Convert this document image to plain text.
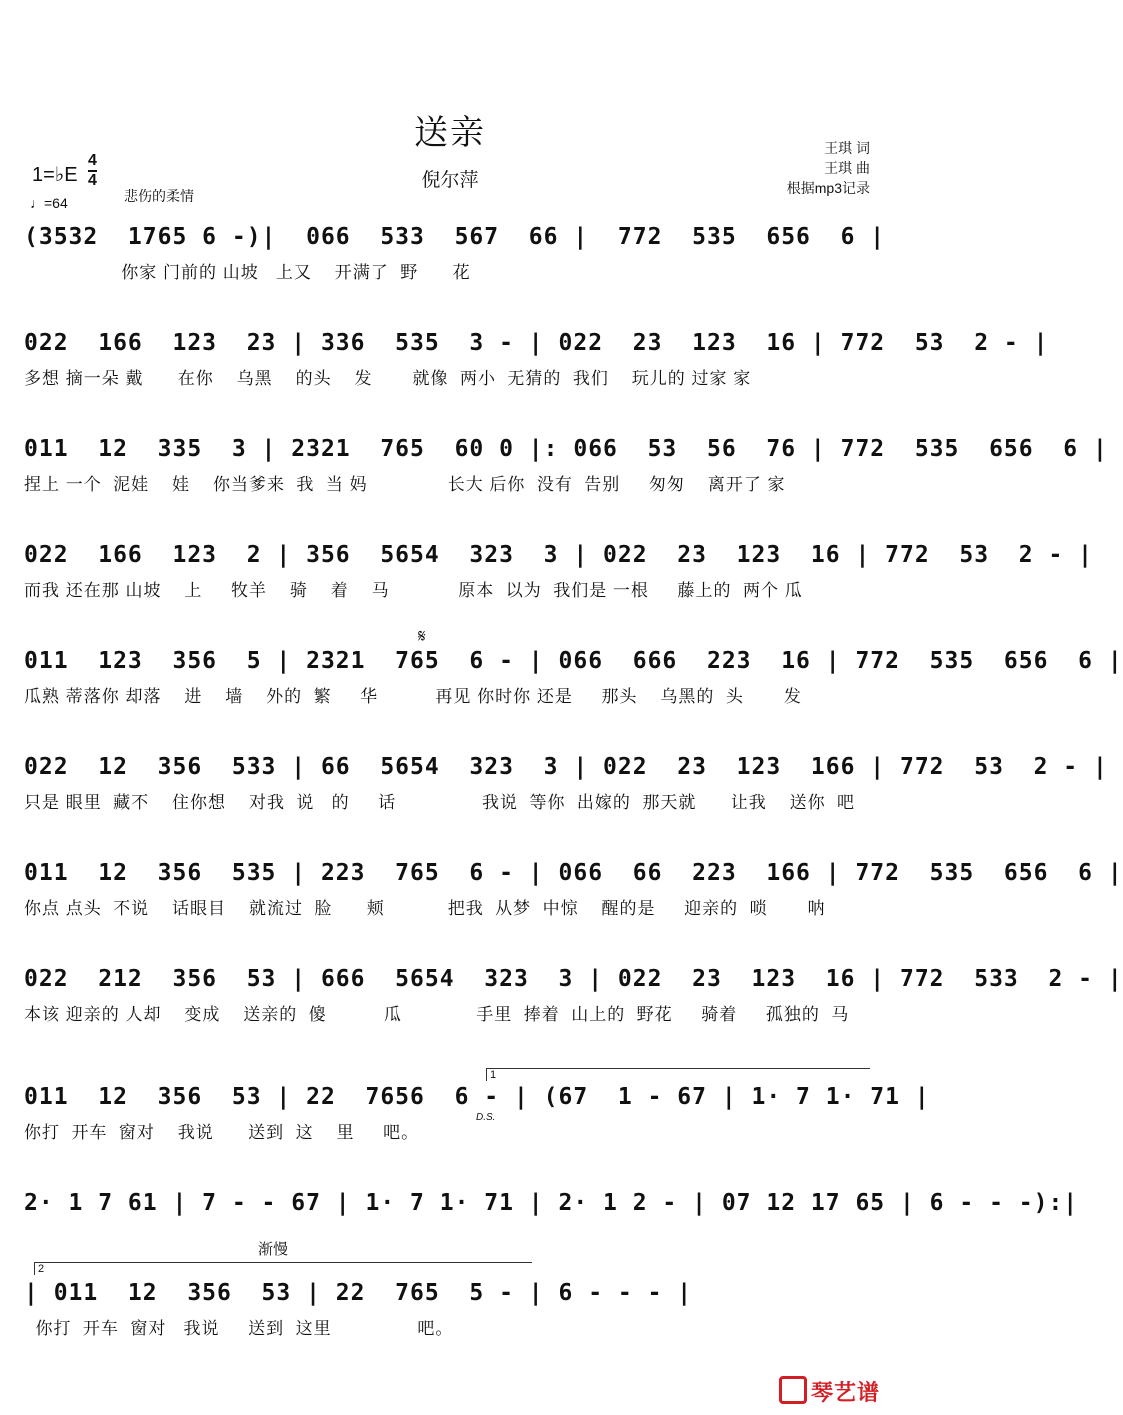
送亲
倪尔萍
王琪 词
王琪 曲
根据mp3记录
1=♭E
4
4
♩=64	悲伤的柔情
(3532  1765 6 -)|  066  533  567  66 |  772  535  656  6 |
你家 门前的 山坡   上又    开满了  野      花
022  166  123  23 | 336  535  3 - | 022  23  123  16 | 772  53  2 - |
多想 摘一朵 戴      在你    乌黑    的头    发       就像  两小  无猜的  我们    玩儿的 过家 家
011  12  335  3 | 2321  765  60 0 |: 066  53  56  76 | 772  535  656  6 |
捏上 一个  泥娃    娃    你当爹来  我  当 妈              长大 后你  没有  告别     匆匆    离开了 家
022  166  123  2 | 356  5654  323  3 | 022  23  123  16 | 772  53  2 - |
而我 还在那 山坡    上     牧羊    骑    着    马            原本  以为  我们是 一根     藤上的  两个 瓜
𝄋
011  123  356  5 | 2321  765  6 - | 066  666  223  16 | 772  535  656  6 |
瓜熟 蒂落你 却落    进    墙    外的  繁     华          再见 你时你 还是     那头    乌黑的  头       发
022  12  356  533 | 66  5654  323  3 | 022  23  123  166 | 772  53  2 - |
只是 眼里  藏不    住你想    对我  说   的     话               我说  等你  出嫁的  那天就      让我    送你  吧
011  12  356  535 | 223  765  6 - | 066  66  223  166 | 772  535  656  6 |
你点 点头  不说    话眼目    就流过  脸      颊           把我  从梦  中惊    醒的是     迎亲的  唢       呐
022  212  356  53 | 666  5654  323  3 | 022  23  123  16 | 772  533  2 - |
本该 迎亲的 人却    变成    送亲的  傻          瓜             手里  捧着  山上的  野花     骑着     孤独的  马
1
D.S.
011  12  356  53 | 22  7656  6 - | (67  1 - 67 | 1· 7 1· 71 |
你打  开车  窗对    我说      送到  这    里     吧。
2· 1 7 61 | 7 - - 67 | 1· 7 1· 71 | 2· 1 2 - | 07 12 17 65 | 6 - - -):|
渐慢
2
| 011  12  356  53 | 22  765  5 - | 6 - - - |
你打  开车  窗对   我说     送到  这里               吧。
琴艺谱
